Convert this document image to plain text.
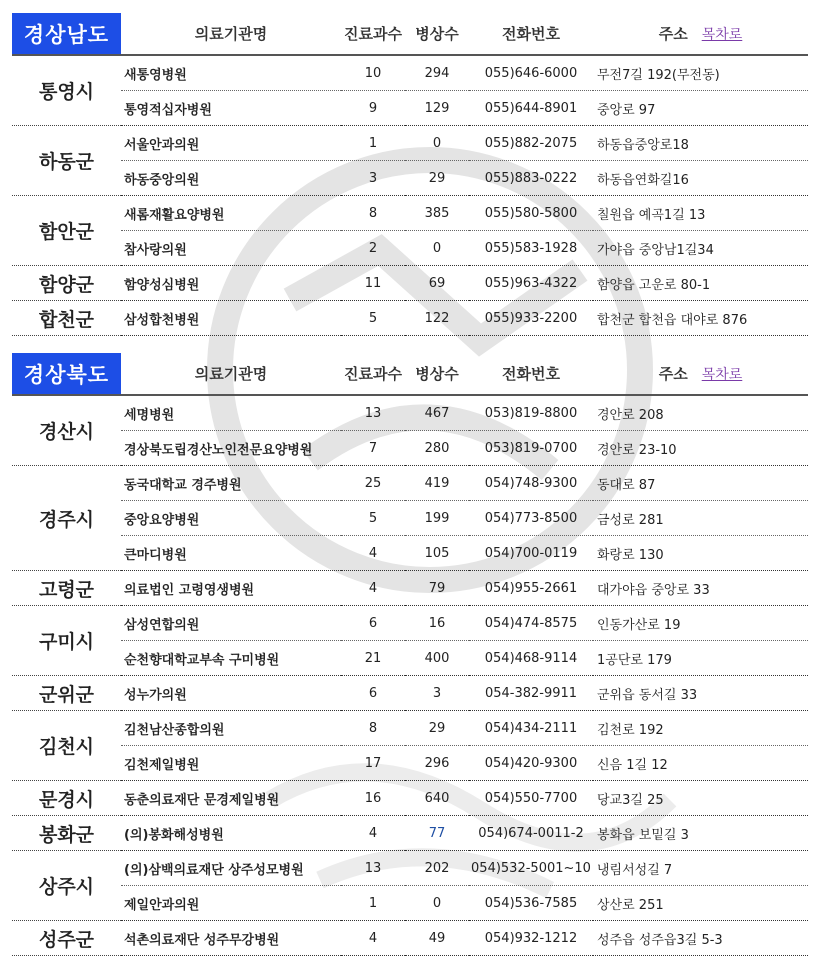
경상남도	의료기관명	진료과수	병상수	전화번호	주소 목차로
통영시	새통영병원	10	294	055)646-6000	무전7길 192(무전동)
	통영적십자병원	9	129	055)644-8901	중앙로 97
하동군	서울안과의원	1	0	055)882-2075	하동읍중앙로18
	하동중앙의원	3	29	055)883-0222	하동읍연화길16
함안군	새롬재활요양병원	8	385	055)580-5800	칠원읍 예곡1길 13
	참사랑의원	2	0	055)583-1928	가야읍 중앙남1길34
함양군	함양성심병원	11	69	055)963-4322	함양읍 고운로 80-1
합천군	삼성합천병원	5	122	055)933-2200	합천군 합천읍 대야로 876
경상북도	의료기관명	진료과수	병상수	전화번호	주소 목차로
경산시	세명병원	13	467	053)819-8800	경안로 208
	경상북도립경산노인전문요양병원	7	280	053)819-0700	경안로 23-10
경주시	동국대학교 경주병원	25	419	054)748-9300	동대로 87
	중앙요양병원	5	199	054)773-8500	금성로 281
	큰마디병원	4	105	054)700-0119	화랑로 130
고령군	의료법인 고령영생병원	4	79	054)955-2661	대가야읍 중앙로 33
구미시	삼성연합의원	6	16	054)474-8575	인동가산로 19
	순천향대학교부속 구미병원	21	400	054)468-9114	1공단로 179
군위군	성누가의원	6	3	054-382-9911	군위읍 동서길 33
김천시	김천남산종합의원	8	29	054)434-2111	김천로 192
	김천제일병원	17	296	054)420-9300	신음 1길 12
문경시	동춘의료재단 문경제일병원	16	640	054)550-7700	당교3길 25
봉화군	(의)봉화해성병원	4	77	054)674-0011-2	봉화읍 보밑길 3
상주시	(의)삼백의료재단 상주성모병원	13	202	054)532-5001~10	냉림서성길 7
	제일안과의원	1	0	054)536-7585	상산로 251
성주군	석촌의료재단 성주무강병원	4	49	054)932-1212	성주읍 성주읍3길 5-3
